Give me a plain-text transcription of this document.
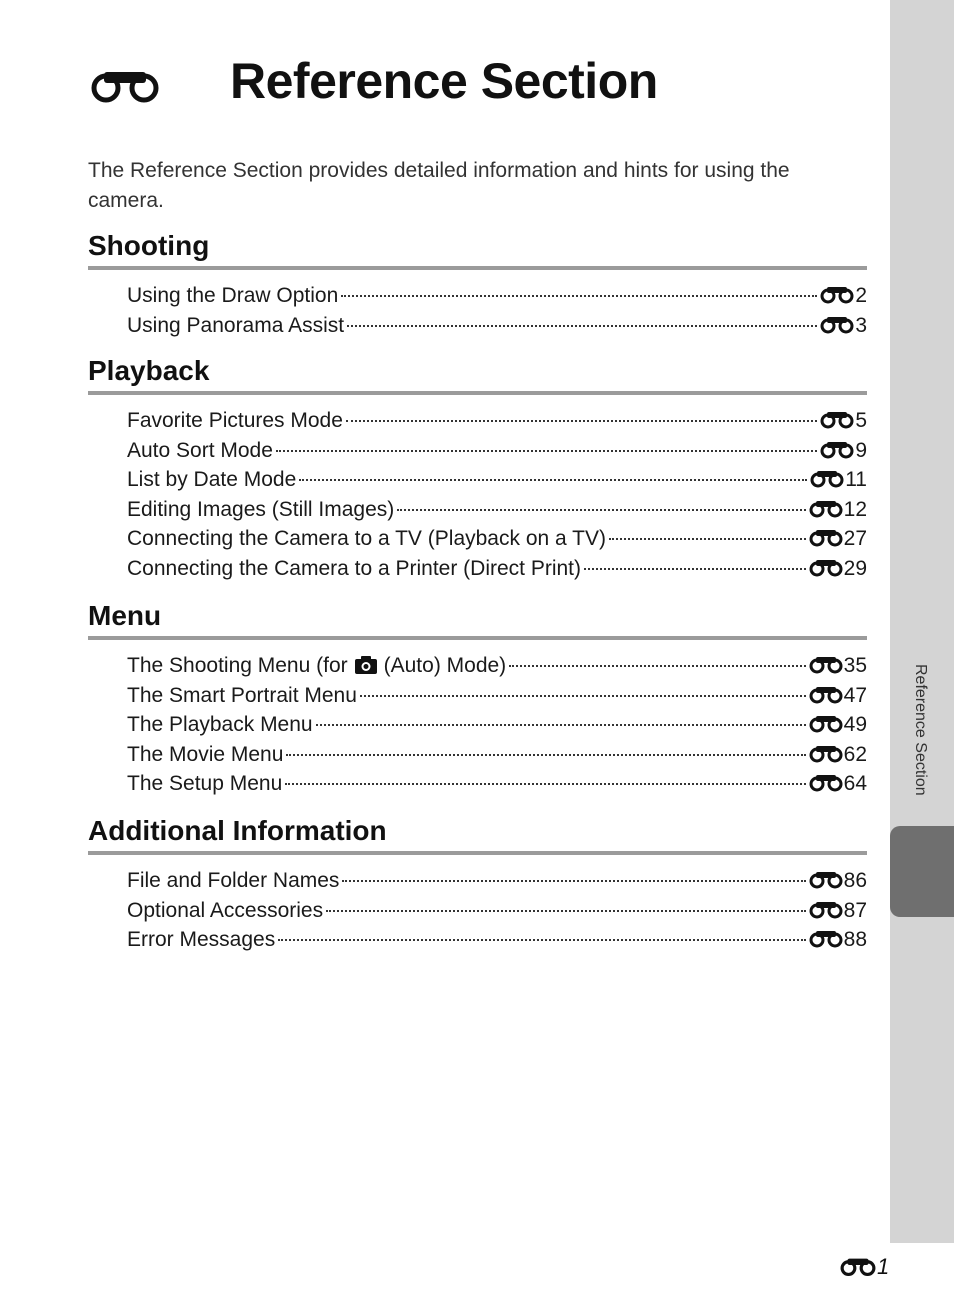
Reference Section
Reference Section

The Reference Section provides detailed information and hints for using the camera.

Shooting
Using the Draw Option	2
Using Panorama Assist	3
Playback
Favorite Pictures Mode	5
Auto Sort Mode	9
List by Date Mode	11
Editing Images (Still Images)	12
Connecting the Camera to a TV (Playback on a TV)	27
Connecting the Camera to a Printer (Direct Print)	29
Menu
The Shooting Menu (for (Auto) Mode)	35
The Smart Portrait Menu	47
The Playback Menu	49
The Movie Menu	62
The Setup Menu	64
Additional Information
File and Folder Names	86
Optional Accessories	87
Error Messages	88
1
